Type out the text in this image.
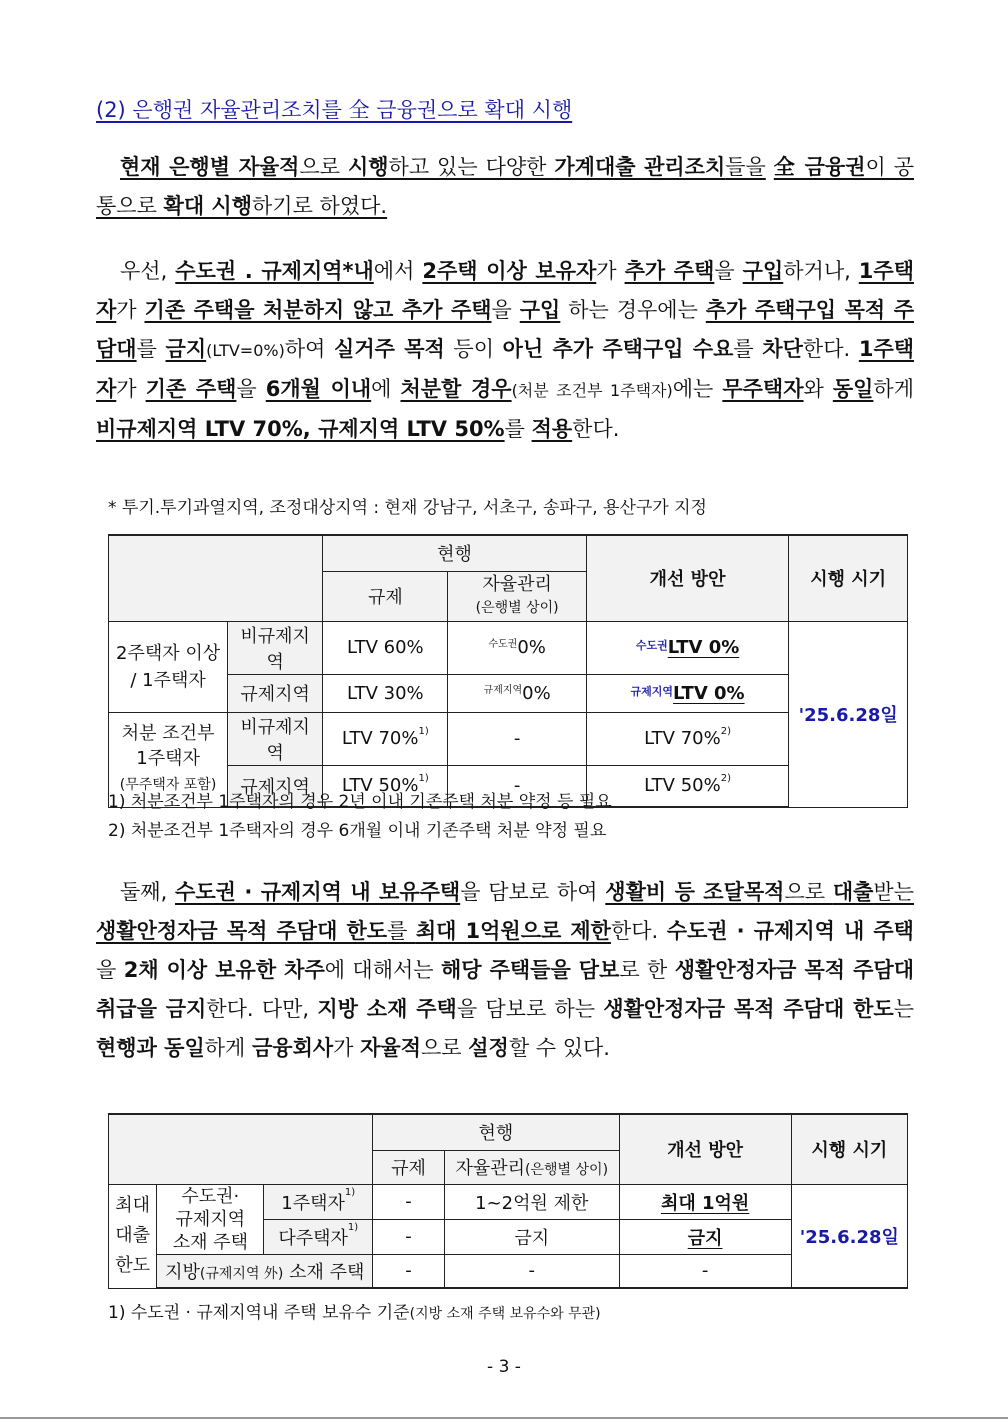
(2) 은행권 자율관리조치를 全 금융권으로 확대 시행
현재 은행별 자율적으로 시행하고 있는 다양한 가계대출 관리조치들을 全 금융권이 공통으로 확대 시행하기로 하였다.
우선, 수도권 . 규제지역*내에서 2주택 이상 보유자가 추가 주택을 구입하거나, 1주택자가 기존 주택을 처분하지 않고 추가 주택을 구입 하는 경우에는 추가 주택구입 목적 주담대를 금지(LTV=0%)하여 실거주 목적 등이 아닌 추가 주택구입 수요를 차단한다. 1주택자가 기존 주택을 6개월 이내에 처분할 경우(처분 조건부 1주택자)에는 무주택자와 동일하게 비규제지역 LTV 70%, 규제지역 LTV 50%를 적용한다.
* 투기.투기과열지역, 조정대상지역 : 현재 강남구, 서초구, 송파구, 용산구가 지정
		현행		개선 방안	시행 시기
		규제	자율관리
(은행별 상이)		
2주택자 이상 / 1주택자	비규제지역	LTV 60%	$^{수도권}$0%	$^{수도권}$LTV 0%	'25.6.28일
	규제지역	LTV 30%	$^{규제지역}$0%	$^{규제지역}$LTV 0%	
처분 조건부
1주택자
(무주택자 포함)	비규제지역	LTV 70%$^{1)}$	-	LTV 70%$^{2)}$
	규제지역	LTV 50%$^{1)}$	-	LTV 50%$^{2)}$
1) 처분조건부 1주택자의 경우 2년 이내 기존주택 처분 약정 등 필요
2) 처분조건부 1주택자의 경우 6개월 이내 기존주택 처분 약정 필요
둘째, 수도권 · 규제지역 내 보유주택을 담보로 하여 생활비 등 조달목적으로 대출받는 생활안정자금 목적 주담대 한도를 최대 1억원으로 제한한다. 수도권 · 규제지역 내 주택을 2채 이상 보유한 차주에 대해서는 해당 주택들을 담보로 한 생활안정자금 목적 주담대 취급을 금지한다. 다만, 지방 소재 주택을 담보로 하는 생활안정자금 목적 주담대 한도는 현행과 동일하게 금융회사가 자율적으로 설정할 수 있다.
			현행		개선 방안	시행 시기
			규제	자율관리(은행별 상이)		
최대
대출
한도	수도권·
규제지역
소재 주택	1주택자$^{1)}$	-	1~2억원 제한	최대 1억원	'25.6.28일
		다주택자$^{1)}$	-	금지	금지	
	지방(규제지역 外) 소재 주택		-	-	-	
1) 수도권 · 규제지역내 주택 보유수 기준(지방 소재 주택 보유수와 무관)
- 3 -
